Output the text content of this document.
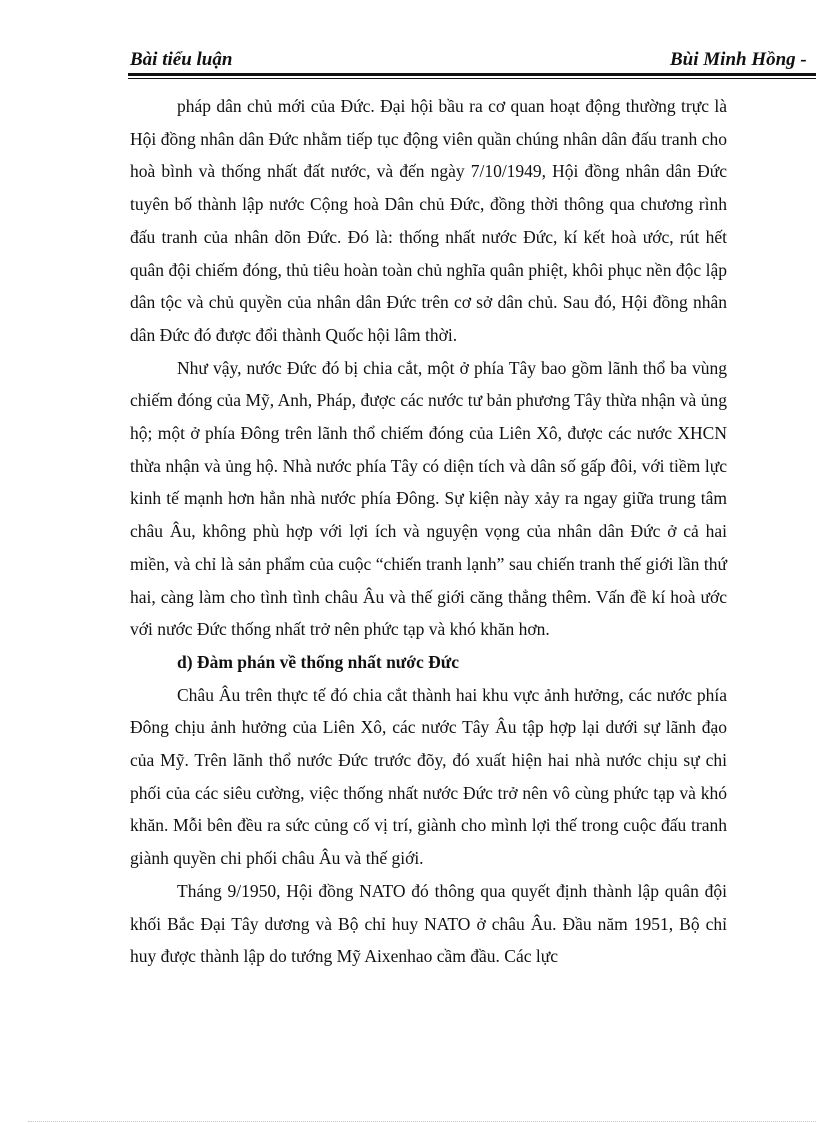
Bài tiểu luận	Bùi Minh Hồng -

pháp dân chủ mới của Đức. Đại hội bầu ra cơ quan hoạt động thường trực là Hội đồng nhân dân Đức nhằm tiếp tục động viên quần chúng nhân dân đấu tranh cho hoà bình và thống nhất đất nước, và đến ngày 7/10/1949, Hội đồng nhân dân Đức tuyên bố thành lập nước Cộng hoà Dân chủ Đức, đồng thời thông qua chương rình đấu tranh của nhân dõn Đức. Đó là: thống nhất nước Đức, kí kết hoà ước, rút hết quân đội chiếm đóng, thủ tiêu hoàn toàn chủ nghĩa quân phiệt, khôi phục nền độc lập dân tộc và chủ quyền của nhân dân Đức trên cơ sở dân chủ. Sau đó, Hội đồng nhân dân Đức đó được đổi thành Quốc hội lâm thời.

Như vậy, nước Đức đó bị chia cắt, một ở phía Tây bao gồm lãnh thổ ba vùng chiếm đóng của Mỹ, Anh, Pháp, được các nước tư bản phương Tây thừa nhận và ủng hộ; một ở phía Đông trên lãnh thổ chiếm đóng của Liên Xô, được các nước XHCN thừa nhận và ủng hộ. Nhà nước phía Tây có diện tích và dân số gấp đôi, với tiềm lực kinh tế mạnh hơn hẳn nhà nước phía Đông. Sự kiện này xảy ra ngay giữa trung tâm châu Âu, không phù hợp với lợi ích và nguyện vọng của nhân dân Đức ở cả hai miền, và chỉ là sản phẩm của cuộc “chiến tranh lạnh” sau chiến tranh thế giới lần thứ hai, càng làm cho tình tình châu Âu và thế giới căng thẳng thêm. Vấn đề kí hoà ước với nước Đức thống nhất trở nên phức tạp và khó khăn hơn.

d) Đàm phán về thống nhất nước Đức

Châu Âu trên thực tế đó chia cắt thành hai khu vực ảnh hưởng, các nước phía Đông chịu ảnh hưởng của Liên Xô, các nước Tây Âu tập hợp lại dưới sự lãnh đạo của Mỹ. Trên lãnh thổ nước Đức trước đõy, đó xuất hiện hai nhà nước chịu sự chi phối của các siêu cường, việc thống nhất nước Đức trở nên vô cùng phức tạp và khó khăn. Mỗi bên đều ra sức củng cố vị trí, giành cho mình lợi thế trong cuộc đấu tranh giành quyền chi phối châu Âu và thế giới.

Tháng 9/1950, Hội đồng NATO đó thông qua quyết định thành lập quân đội khối Bắc Đại Tây dương và Bộ chỉ huy NATO ở châu Âu. Đầu năm 1951, Bộ chỉ huy được thành lập do tướng Mỹ Aixenhao cầm đầu. Các lực
